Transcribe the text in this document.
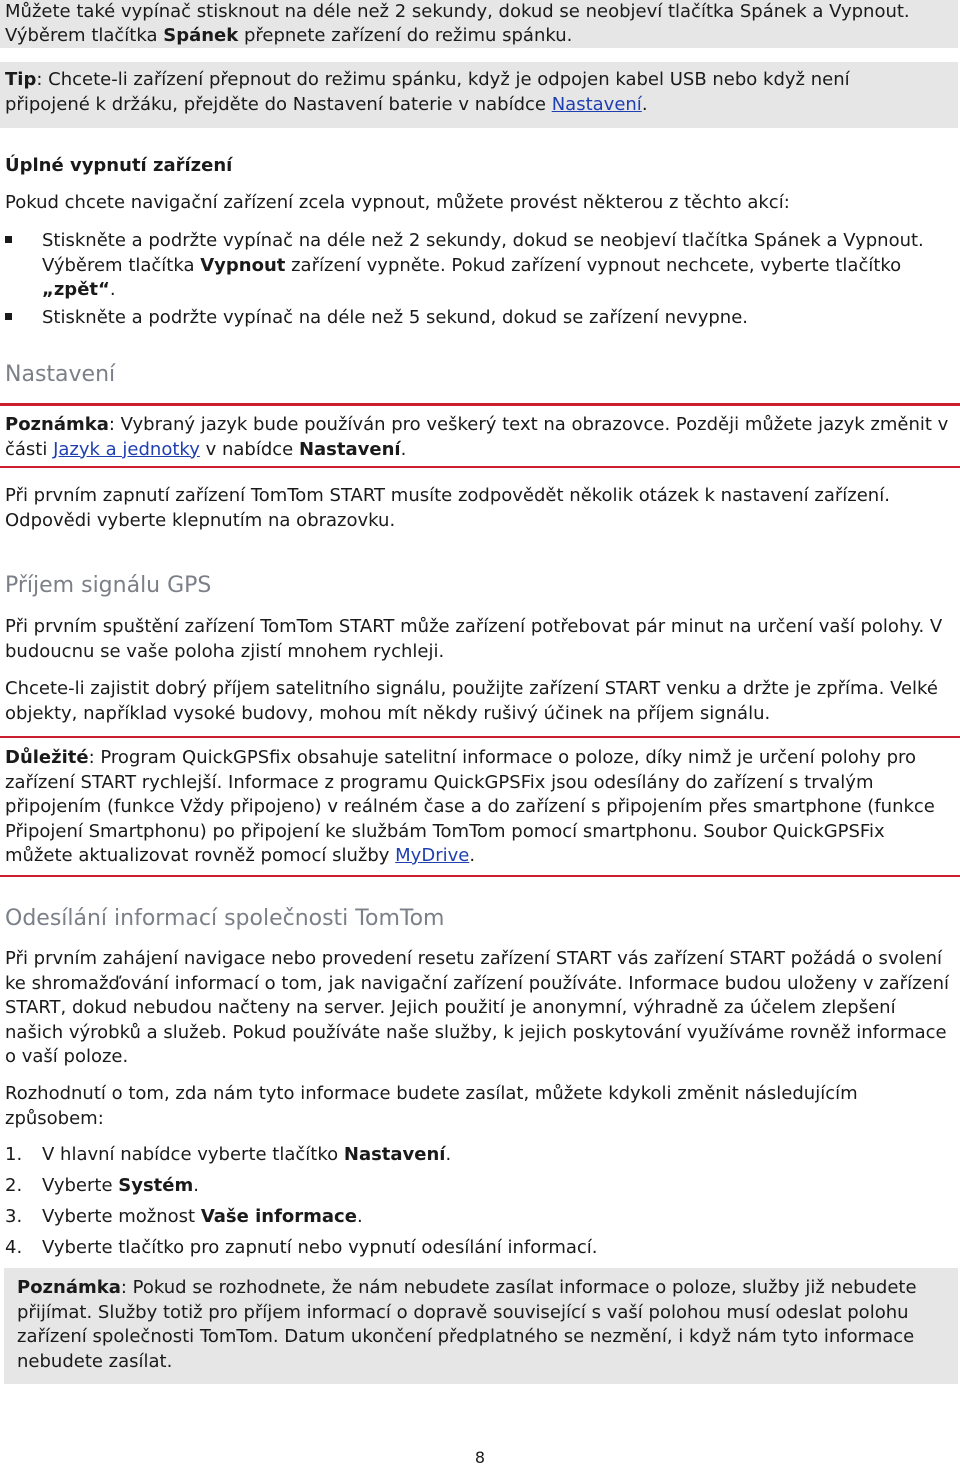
Můžete také vypínač stisknout na déle než 2 sekundy, dokud se neobjeví tlačítka Spánek a Vypnout.

Výběrem tlačítka Spánek přepnete zařízení do režimu spánku.

Tip: Chcete-li zařízení přepnout do režimu spánku, když je odpojen kabel USB nebo když není připojené k držáku, přejděte do Nastavení baterie v nabídce Nastavení.

Úplné vypnutí zařízení

Pokud chcete navigační zařízení zcela vypnout, můžete provést některou z těchto akcí:

Stiskněte a podržte vypínač na déle než 2 sekundy, dokud se neobjeví tlačítka Spánek a Vypnout. Výběrem tlačítka Vypnout zařízení vypněte. Pokud zařízení vypnout nechcete, vyberte tlačítko „zpět“.

Stiskněte a podržte vypínač na déle než 5 sekund, dokud se zařízení nevypne.

Nastavení

Poznámka: Vybraný jazyk bude používán pro veškerý text na obrazovce. Později můžete jazyk změnit v části Jazyk a jednotky v nabídce Nastavení.

Při prvním zapnutí zařízení TomTom START musíte zodpovědět několik otázek k nastavení zařízení. Odpovědi vyberte klepnutím na obrazovku.

Příjem signálu GPS

Při prvním spuštění zařízení TomTom START může zařízení potřebovat pár minut na určení vaší polohy. V budoucnu se vaše poloha zjistí mnohem rychleji.

Chcete-li zajistit dobrý příjem satelitního signálu, použijte zařízení START venku a držte je zpříma. Velké objekty, například vysoké budovy, mohou mít někdy rušivý účinek na příjem signálu.

Důležité: Program QuickGPSfix obsahuje satelitní informace o poloze, díky nimž je určení polohy pro zařízení START rychlejší. Informace z programu QuickGPSFix jsou odesílány do zařízení s trvalým připojením (funkce Vždy připojeno) v reálném čase a do zařízení s připojením přes smartphone (funkce Připojení Smartphonu) po připojení ke službám TomTom pomocí smartphonu. Soubor QuickGPSFix můžete aktualizovat rovněž pomocí služby MyDrive.

Odesílání informací společnosti TomTom

Při prvním zahájení navigace nebo provedení resetu zařízení START vás zařízení START požádá o svolení ke shromažďování informací o tom, jak navigační zařízení používáte. Informace budou uloženy v zařízení START, dokud nebudou načteny na server. Jejich použití je anonymní, výhradně za účelem zlepšení našich výrobků a služeb. Pokud používáte naše služby, k jejich poskytování využíváme rovněž informace o vaší poloze.

Rozhodnutí o tom, zda nám tyto informace budete zasílat, můžete kdykoli změnit následujícím způsobem:

1. V hlavní nabídce vyberte tlačítko Nastavení.

2. Vyberte Systém.

3. Vyberte možnost Vaše informace.

4. Vyberte tlačítko pro zapnutí nebo vypnutí odesílání informací.

Poznámka: Pokud se rozhodnete, že nám nebudete zasílat informace o poloze, služby již nebudete přijímat. Služby totiž pro příjem informací o dopravě související s vaší polohou musí odeslat polohu zařízení společnosti TomTom. Datum ukončení předplatného se nezmění, i když nám tyto informace nebudete zasílat.

8
